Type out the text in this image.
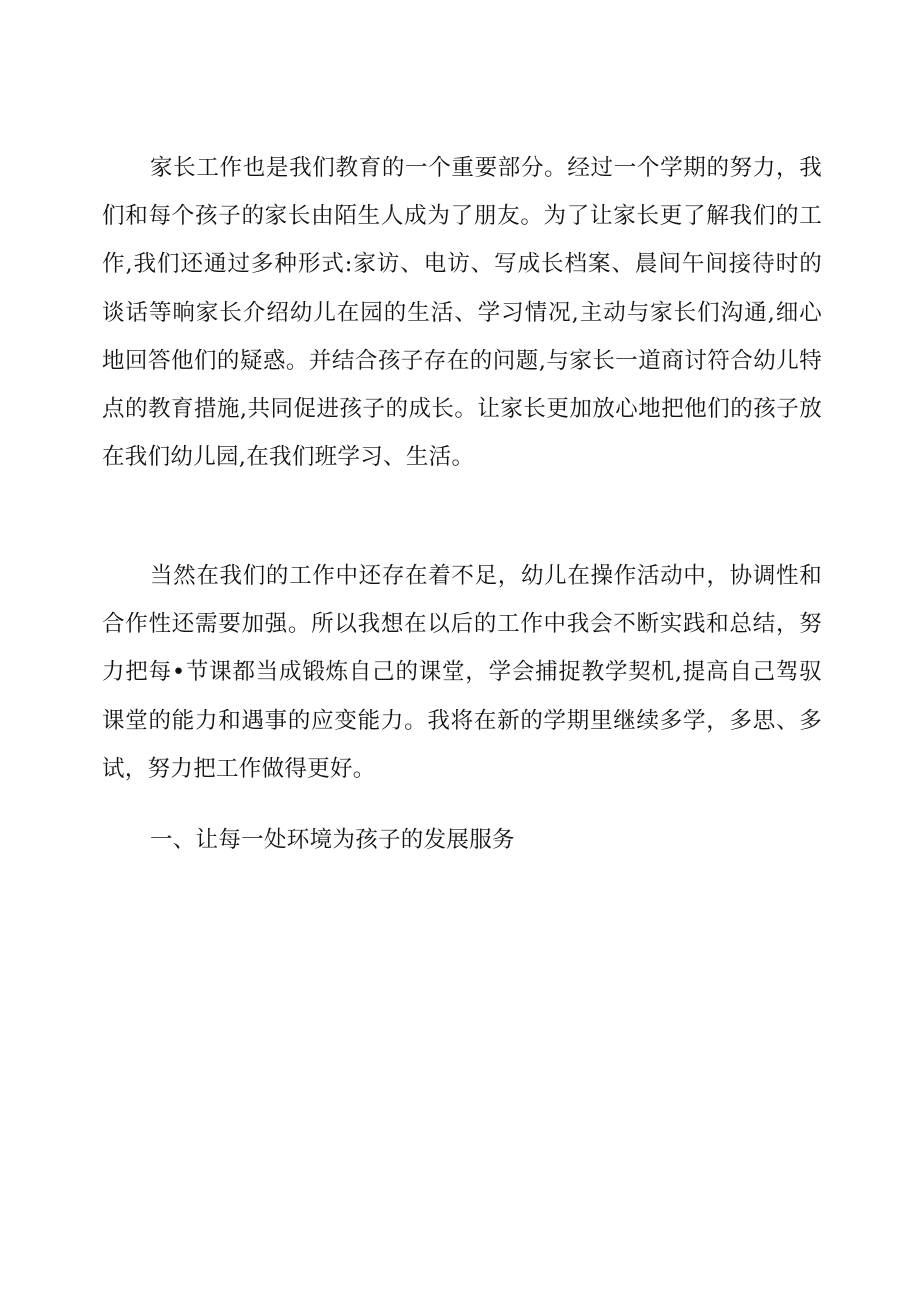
家长工作也是我们教育的一个重要部分。经过一个学期的努力，我们和每个孩子的家长由陌生人成为了朋友。为了让家长更了解我们的工作,我们还通过多种形式:家访、电访、写成长档案、晨间午间接待时的谈话等晌家长介绍幼儿在园的生活、学习情况,主动与家长们沟通,细心地回答他们的疑惑。并结合孩子存在的问题,与家长一道商讨符合幼儿特点的教育措施,共同促进孩子的成长。让家长更加放心地把他们的孩子放在我们幼儿园,在我们班学习、生活。

当然在我们的工作中还存在着不足，幼儿在操作活动中，协调性和合作性还需要加强。所以我想在以后的工作中我会不断实践和总结，努力把每•节课都当成锻炼自己的课堂，学会捕捉教学契机,提高自己驾驭课堂的能力和遇事的应变能力。我将在新的学期里继续多学，多思、多试，努力把工作做得更好。

一、让每一处环境为孩子的发展服务
